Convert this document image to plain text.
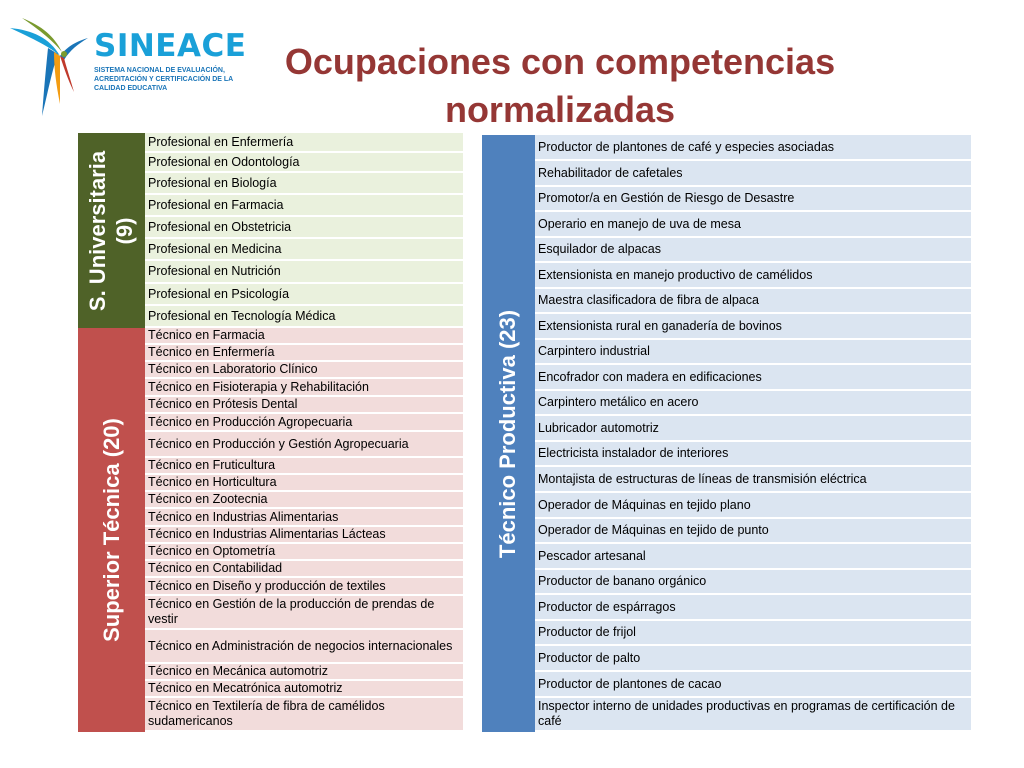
SINEACE
SISTEMA NACIONAL DE EVALUACIÓN, ACREDITACIÓN Y CERTIFICACIÓN DE LA CALIDAD EDUCATIVA
Ocupaciones con competencias normalizadas
S. Universitaria (9)
Superior Técnica (20)	Técnico Productiva (23)
Profesional en Enfermería
Profesional en Odontología
Profesional en Biología
Profesional en Farmacia
Profesional en Obstetricia
Profesional en Medicina
Profesional en Nutrición
Profesional en Psicología
Profesional en Tecnología Médica
Técnico en Farmacia
Técnico en Enfermería
Técnico en Laboratorio Clínico
Técnico en Fisioterapia y Rehabilitación
Técnico en Prótesis Dental
Técnico en Producción Agropecuaria
Técnico en Producción y Gestión Agropecuaria
Técnico en Fruticultura
Técnico en Horticultura
Técnico en Zootecnia
Técnico en Industrias Alimentarias
Técnico en Industrias Alimentarias Lácteas
Técnico en Optometría
Técnico en Contabilidad
Técnico en Diseño y producción de textiles
Técnico en Gestión de la producción de prendas de vestir
Técnico en Administración de negocios internacionales
Técnico en Mecánica automotriz
Técnico en Mecatrónica automotriz
Técnico en Textilería de fibra de camélidos sudamericanos
Productor de plantones de café y especies asociadas
Rehabilitador de cafetales
Promotor/a en Gestión de Riesgo de Desastre
Operario en manejo de uva de mesa
Esquilador de alpacas
Extensionista en manejo productivo de camélidos
Maestra clasificadora de fibra de alpaca
Extensionista rural en ganadería de bovinos
Carpintero industrial
Encofrador con madera en edificaciones
Carpintero metálico en acero
Lubricador automotriz
Electricista instalador de interiores
Montajista de estructuras de líneas de transmisión eléctrica
Operador de Máquinas en tejido plano
Operador de Máquinas en tejido de punto
Pescador artesanal
Productor de banano orgánico
Productor de espárragos
Productor de frijol
Productor de palto
Productor de plantones de cacao
Inspector interno de unidades productivas en programas de certificación de café
